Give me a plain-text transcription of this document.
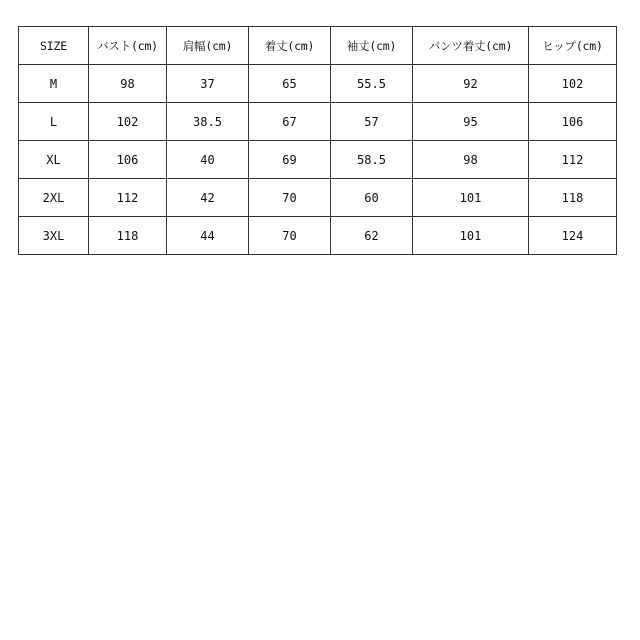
SIZE	バスト(cm)	肩幅(cm)	着丈(cm)	袖丈(cm)	パンツ着丈(cm)	ヒップ(cm)
M	98	37	65	55.5	92	102
L	102	38.5	67	57	95	106
XL	106	40	69	58.5	98	112
2XL	112	42	70	60	101	118
3XL	118	44	70	62	101	124
